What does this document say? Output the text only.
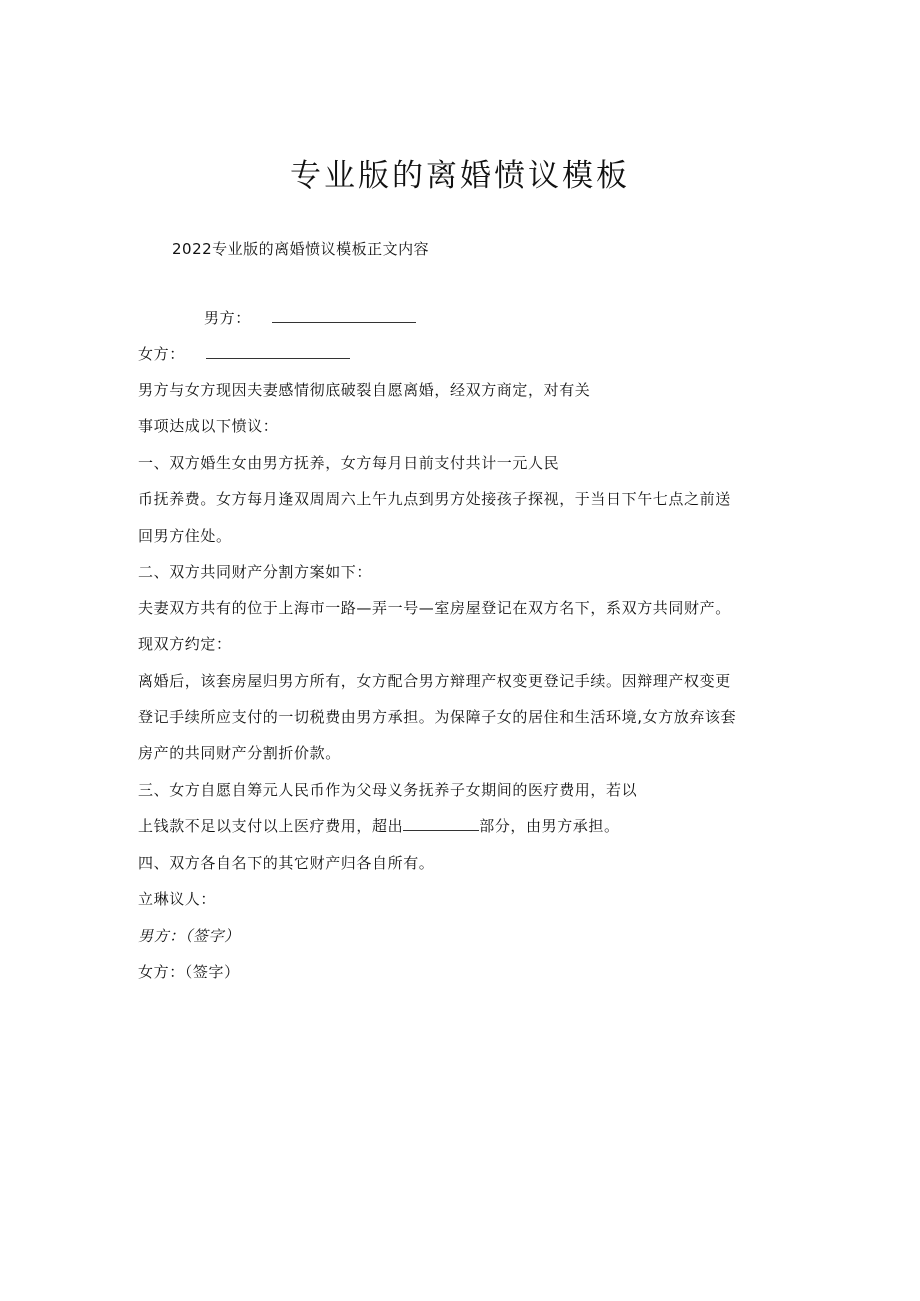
专业版的离婚愤议模板
2022专业版的离婚愤议模板正文内容
男方：
女方：
男方与女方现因夫妻感情彻底破裂自愿离婚，经双方商定，对有关
事项达成以下愤议：
一、双方婚生女由男方抚养，女方每月日前支付共计一元人民
币抚养费。女方每月逢双周周六上午九点到男方处接孩子探视，于当日下午七点之前送
回男方住处。
二、双方共同财产分割方案如下：
夫妻双方共有的位于上海市一路—弄一号—室房屋登记在双方名下，系双方共同财产。
现双方约定：
离婚后，该套房屋归男方所有，女方配合男方辩理产权变更登记手续。因辩理产权变更
登记手续所应支付的一切税费由男方承担。为保障子女的居住和生活环境,女方放弃该套
房产的共同财产分割折价款。
三、女方自愿自筹元人民币作为父母义务抚养子女期间的医疗费用，若以
上钱款不足以支付以上医疗费用，超出	部分，由男方承担。
四、双方各自名下的其它财产归各自所有。
立琳议人：
男方：（签字）
女方：（签字）
